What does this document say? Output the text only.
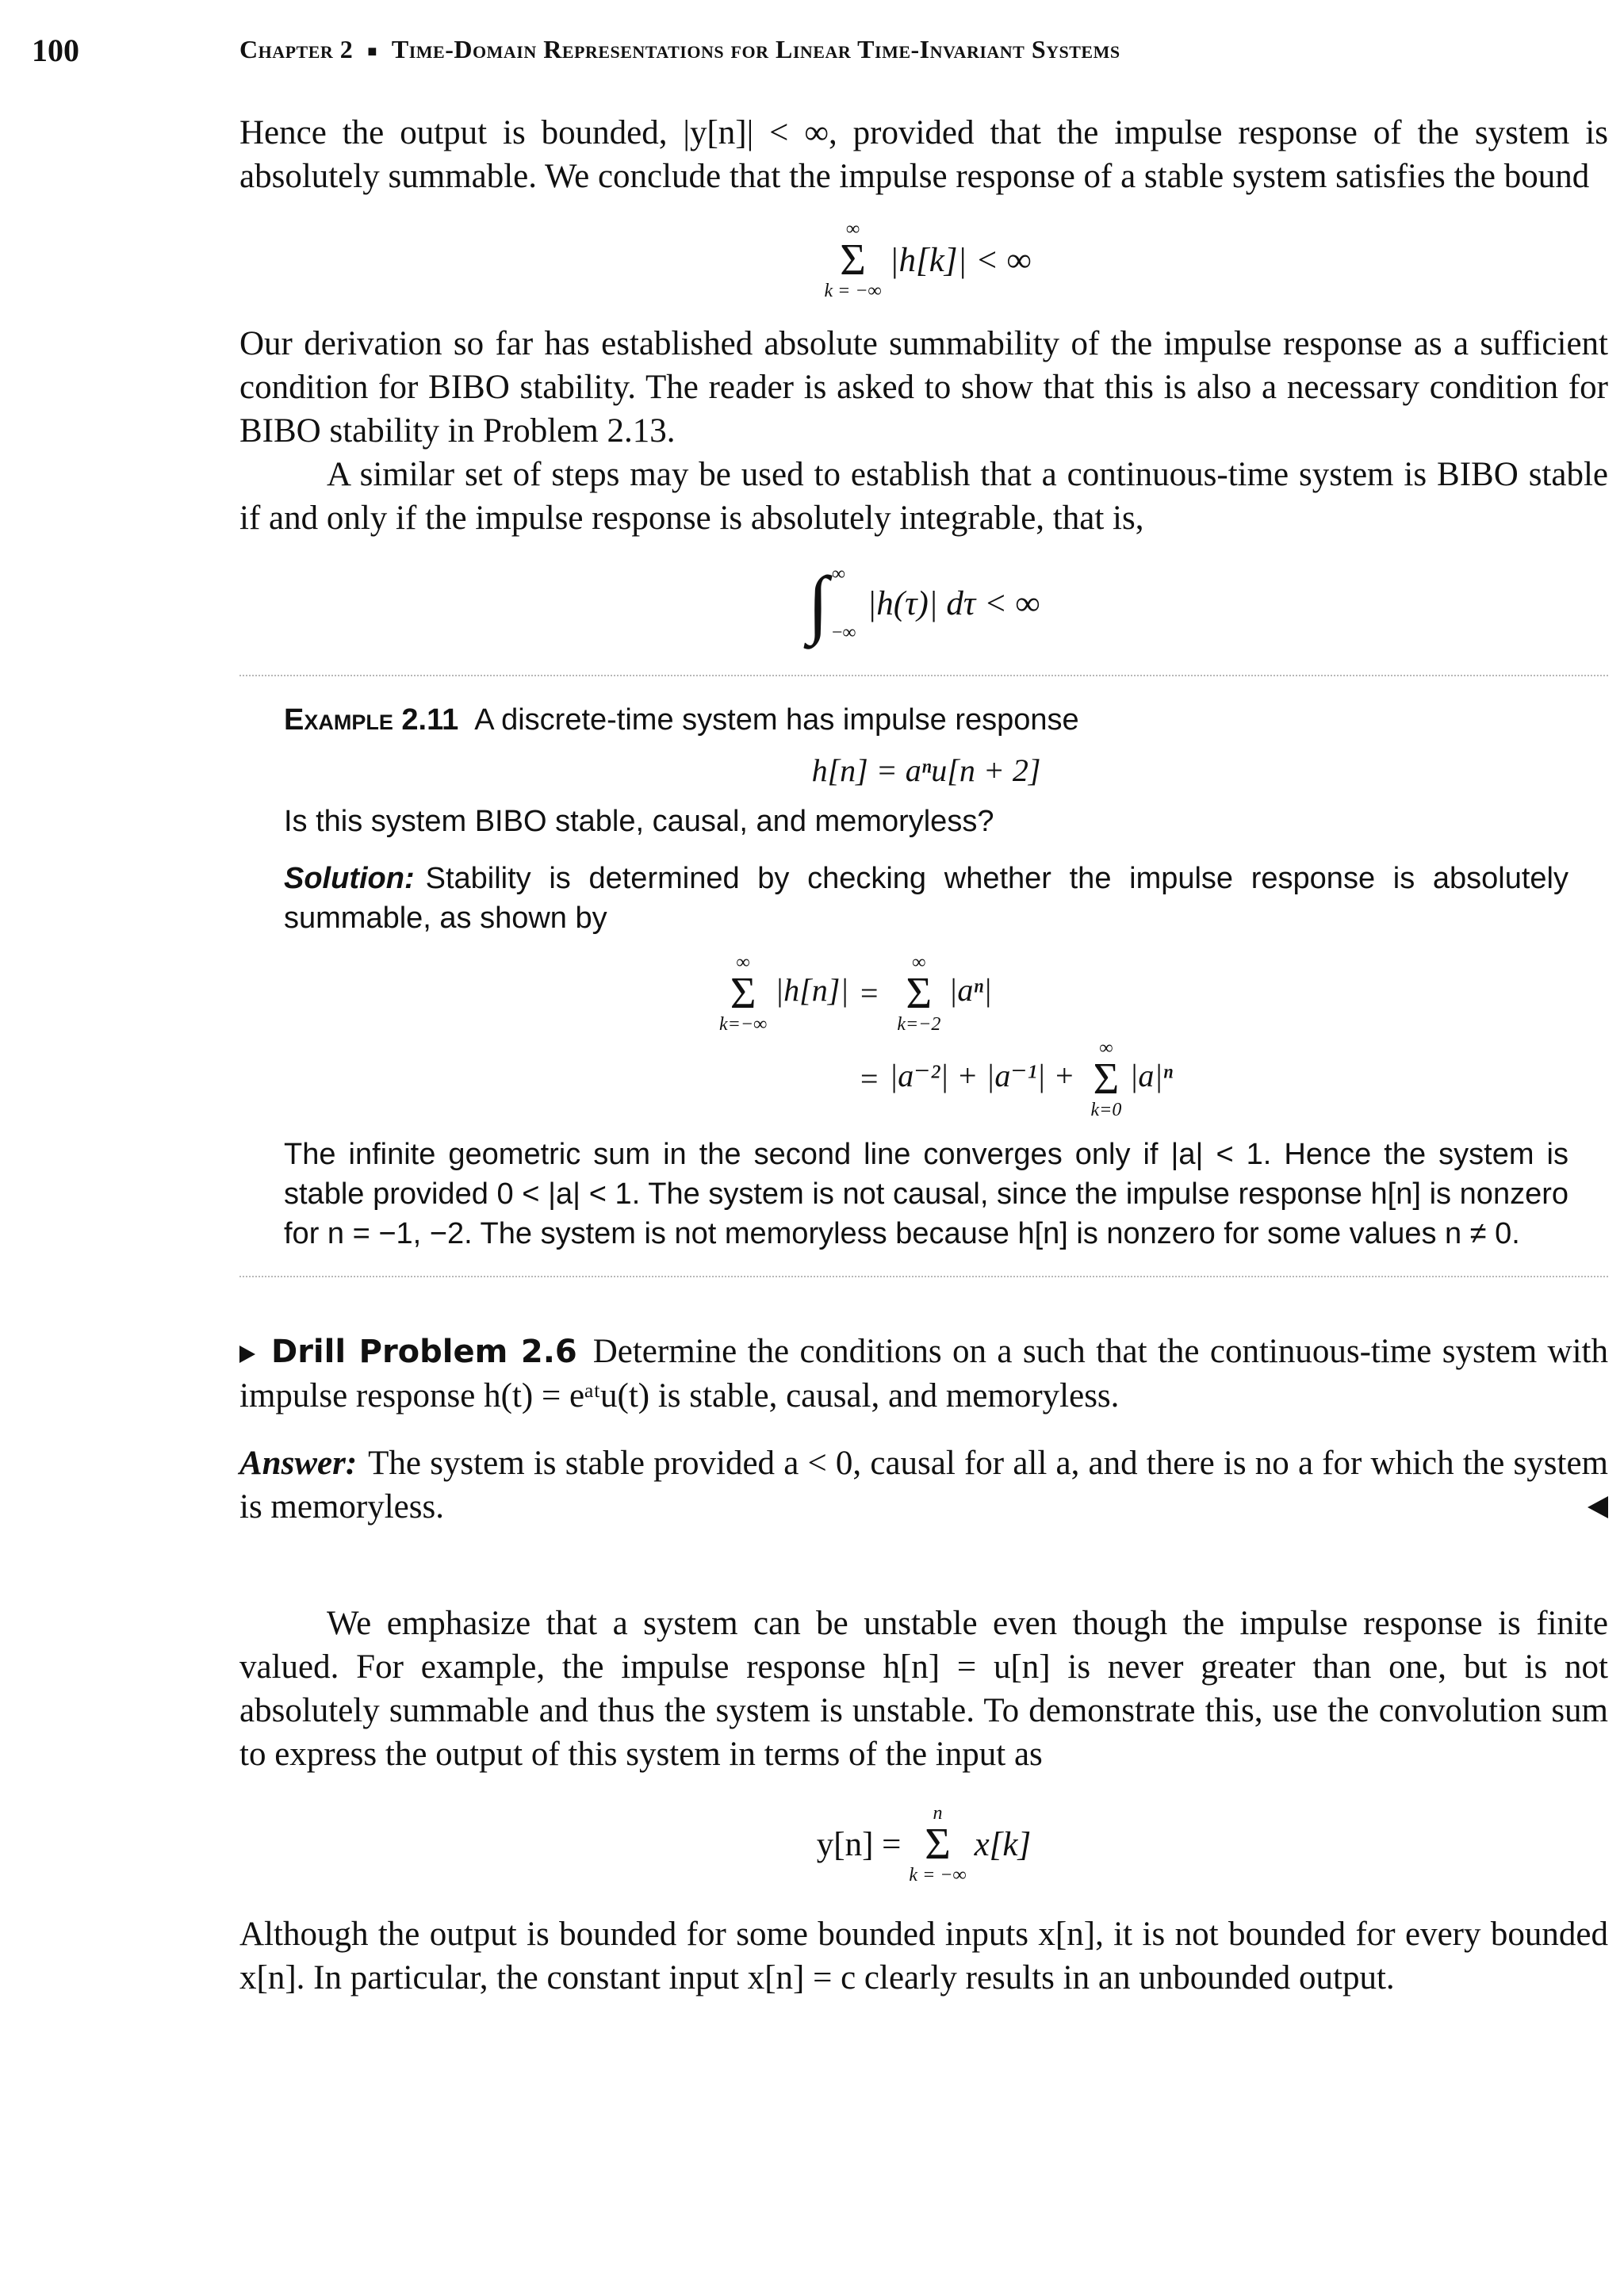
100	Chapter 2 ■ Time-Domain Representations for Linear Time-Invariant Systems

Hence the output is bounded, |y[n]| < ∞, provided that the impulse response of the system is absolutely summable. We conclude that the impulse response of a stable system satisfies the bound

∞
Σ
k = −∞
|h[k]| < ∞

Our derivation so far has established absolute summability of the impulse response as a sufficient condition for BIBO stability. The reader is asked to show that this is also a necessary condition for BIBO stability in Problem 2.13.

A similar set of steps may be used to establish that a continuous-time system is BIBO stable if and only if the impulse response is absolutely integrable, that is,

∫ ∞
−∞
|h(τ)| dτ < ∞

Example 2.11 A discrete-time system has impulse response

h[n] = aⁿu[n + 2]

Is this system BIBO stable, causal, and memoryless?

Solution: Stability is determined by checking whether the impulse response is absolutely summable, as shown by

∞
Σ
k=−∞
|h[n]| =
∞
Σ
k=−2
|aⁿ|
= |a⁻²| + |a⁻¹| +
∞
Σ
k=0
|a|ⁿ

The infinite geometric sum in the second line converges only if |a| < 1. Hence the system is stable provided 0 < |a| < 1. The system is not causal, since the impulse response h[n] is nonzero for n = −1, −2. The system is not memoryless because h[n] is nonzero for some values n ≠ 0.

Drill Problem 2.6 Determine the conditions on a such that the continuous-time system with impulse response h(t) = eᵃᵗu(t) is stable, causal, and memoryless.

Answer: The system is stable provided a < 0, causal for all a, and there is no a for which the system is memoryless.

We emphasize that a system can be unstable even though the impulse response is finite valued. For example, the impulse response h[n] = u[n] is never greater than one, but is not absolutely summable and thus the system is unstable. To demonstrate this, use the convolution sum to express the output of this system in terms of the input as

y[n] =
n
Σ
k = −∞
x[k]

Although the output is bounded for some bounded inputs x[n], it is not bounded for every bounded x[n]. In particular, the constant input x[n] = c clearly results in an unbounded output.
